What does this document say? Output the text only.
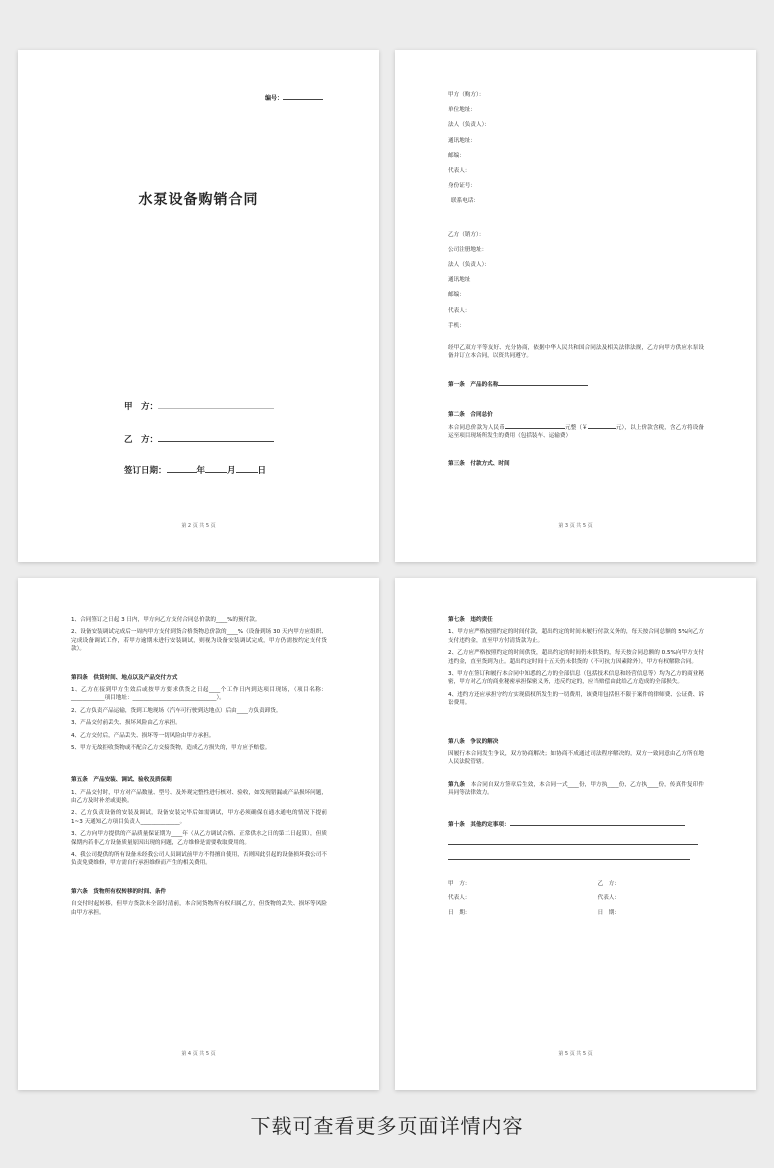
编号：
水泵设备购销合同
甲　方：
乙　方：
签订日期：	年	月	日
第 2 页 共 5 页
甲方（购方）：
单位地址：
法人（负责人）：
通讯地址：
邮编：
代表人：
身份证号：
联系电话：
乙方（销方）：
公司注册地址：
法人（负责人）：
通讯地址
邮编：
代表人：
手机：

经甲乙双方平等友好、充分协商，依据中华人民共和国合同法及相关法律法规，乙方向甲方供应水泵设备并订立本合同，以资共同遵守。

第一条　产品的名称
第二条　合同总价

本合同总价款为人民币	元整（￥	元），以上价款含税，含乙方将设备运至项目现场所发生的费用（包括装车、运输费）

第三条　付款方式、时间
第 3 页 共 5 页

1、合同签订之日起 3 日内，甲方向乙方支付合同总价款的____%的预付款。

2、设备安装调试完成后一周内甲方支付到货合格货物总价款的____%（设备到场 30 天内甲方应组织、完成设备调试工作，若甲方逾期未进行安装调试，则视为设备安装调试完成，甲方仍需按约定支付货款）。

第四条　供货时间、地点以及产品交付方式

1、乙方在接到甲方生效后或按甲方要求供货之日起____个工作日内到达项目现场，（项目名称：____________项目地址：______________________________）。

2、乙方负责产品运输，货到工地现场（汽车可行驶到达地点）后由____方负责卸货。

3、产品交付前丢失、损坏风险由乙方承担。

4、乙方交付后，产品丢失、损坏等一切风险由甲方承担。

5、甲方无故拒收货物或不配合乙方交接货物，造成乙方损失的，甲方应予赔偿。

第五条　产品安装、调试、验收及质保期

1、产品交付时，甲方对产品数量、型号、及外观完整性进行核对、验收，如发现错漏或产品损坏问题，由乙方及时补差或更换。

2、乙方负责设备的安装及调试，设备安装完毕后如需调试，甲方必须确保在通水通电的情况下提前 1~3 天通知乙方项目负责人______________。

3、乙方向甲方提供的产品质量保证期为____年（从乙方调试合格、正常供水之日的第二日起算），但质保期内若非乙方设备质量原因出现的问题，乙方维修是需要收取费用的。

4、我公司提供的所有设备未经我公司人员调试前甲方不得擅自使用，否则因此引起的设备损坏我公司不负责免费维修，甲方需自行承担维修而产生的相关费用。

第六条　货物所有权转移的时间、条件

自交付时起转移，但甲方货款未全部付清前，本合同货物所有权归属乙方，但货物的丢失、损坏等风险由甲方承担。

第 4 页 共 5 页
第七条　违约责任

1、甲方应严格按照约定的时间付款，超出约定的时间未履行付款义务的，每天按合同总额的 5%向乙方支付违约金，直至甲方付清货款为止。

2、乙方应严格按照约定的时间供货，超出约定的时间仍未供货的，每天按合同总额的 0.5%向甲方支付违约金，直至货到为止。超出约定时间十五天仍未供货的（不可抗力因素除外），甲方有权解除合同。

3、甲方在签订和履行本合同中知悉的乙方的全部信息（包括技术信息和经营信息等）均为乙方的商业秘密，甲方对乙方的商业秘密承担保密义务，违反约定的，应当赔偿由此给乙方造成的全部损失。

4、违约方还应承担守约方实现债权所发生的一切费用，该费用包括但不限于案件的律师费、公证费、诉讼费用。

第八条　争议的解决

因履行本合同发生争议，双方协商解决；如协商不成通过司法程序解决的，双方一致同意由乙方所在地人民法院管辖。

第九条　 本合同自双方签章后生效，本合同一式____份，甲方执____份，乙方执____份，传真件复印件具同等法律效力。

第十条　其他约定事项：
甲　方：	乙　方：
代表人：	代表人：
日　期：	日　期：
第 5 页 共 5 页
下载可查看更多页面详情内容
